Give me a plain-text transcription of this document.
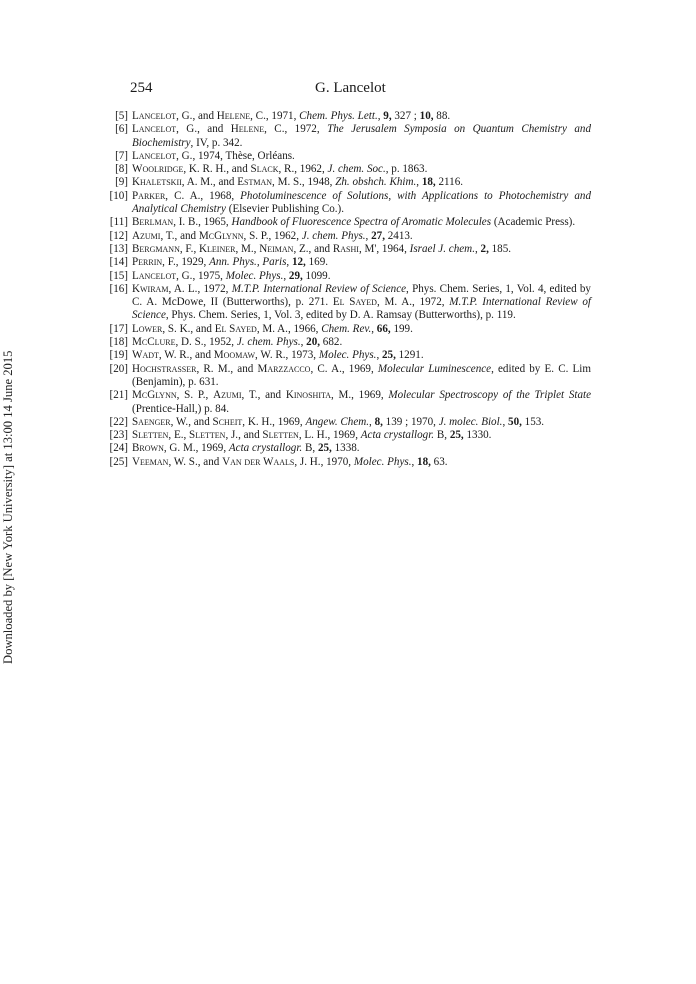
254	G. Lancelot
Downloaded by [New York University] at 13:00 14 June 2015
[5] Lancelot, G., and Helene, C., 1971, Chem. Phys. Lett., 9, 327 ; 10, 88.
[6] Lancelot, G., and Helene, C., 1972, The Jerusalem Symposia on Quantum Chemistry and Biochemistry, IV, p. 342.
[7] Lancelot, G., 1974, Thèse, Orléans.
[8] Woolridge, K. R. H., and Slack, R., 1962, J. chem. Soc., p. 1863.
[9] Khaletskii, A. M., and Estman, M. S., 1948, Zh. obshch. Khim., 18, 2116.
[10] Parker, C. A., 1968, Photoluminescence of Solutions, with Applications to Photochemistry and Analytical Chemistry (Elsevier Publishing Co.).
[11] Berlman, I. B., 1965, Handbook of Fluorescence Spectra of Aromatic Molecules (Academic Press).
[12] Azumi, T., and McGlynn, S. P., 1962, J. chem. Phys., 27, 2413.
[13] Bergmann, F., Kleiner, M., Neiman, Z., and Rashi, M', 1964, Israel J. chem., 2, 185.
[14] Perrin, F., 1929, Ann. Phys., Paris, 12, 169.
[15] Lancelot, G., 1975, Molec. Phys., 29, 1099.
[16] Kwiram, A. L., 1972, M.T.P. International Review of Science, Phys. Chem. Series, 1, Vol. 4, edited by C. A. McDowe, II (Butterworths), p. 271. El Sayed, M. A., 1972, M.T.P. International Review of Science, Phys. Chem. Series, 1, Vol. 3, edited by D. A. Ramsay (Butterworths), p. 119.
[17] Lower, S. K., and El Sayed, M. A., 1966, Chem. Rev., 66, 199.
[18] McClure, D. S., 1952, J. chem. Phys., 20, 682.
[19] Wadt, W. R., and Moomaw, W. R., 1973, Molec. Phys., 25, 1291.
[20] Hochstrasser, R. M., and Marzzacco, C. A., 1969, Molecular Luminescence, edited by E. C. Lim (Benjamin), p. 631.
[21] McGlynn, S. P., Azumi, T., and Kinoshita, M., 1969, Molecular Spectroscopy of the Triplet State (Prentice-Hall,) p. 84.
[22] Saenger, W., and Scheit, K. H., 1969, Angew. Chem., 8, 139 ; 1970, J. molec. Biol., 50, 153.
[23] Sletten, E., Sletten, J., and Sletten, L. H., 1969, Acta crystallogr. B, 25, 1330.
[24] Brown, G. M., 1969, Acta crystallogr. B, 25, 1338.
[25] Veeman, W. S., and Van der Waals, J. H., 1970, Molec. Phys., 18, 63.
